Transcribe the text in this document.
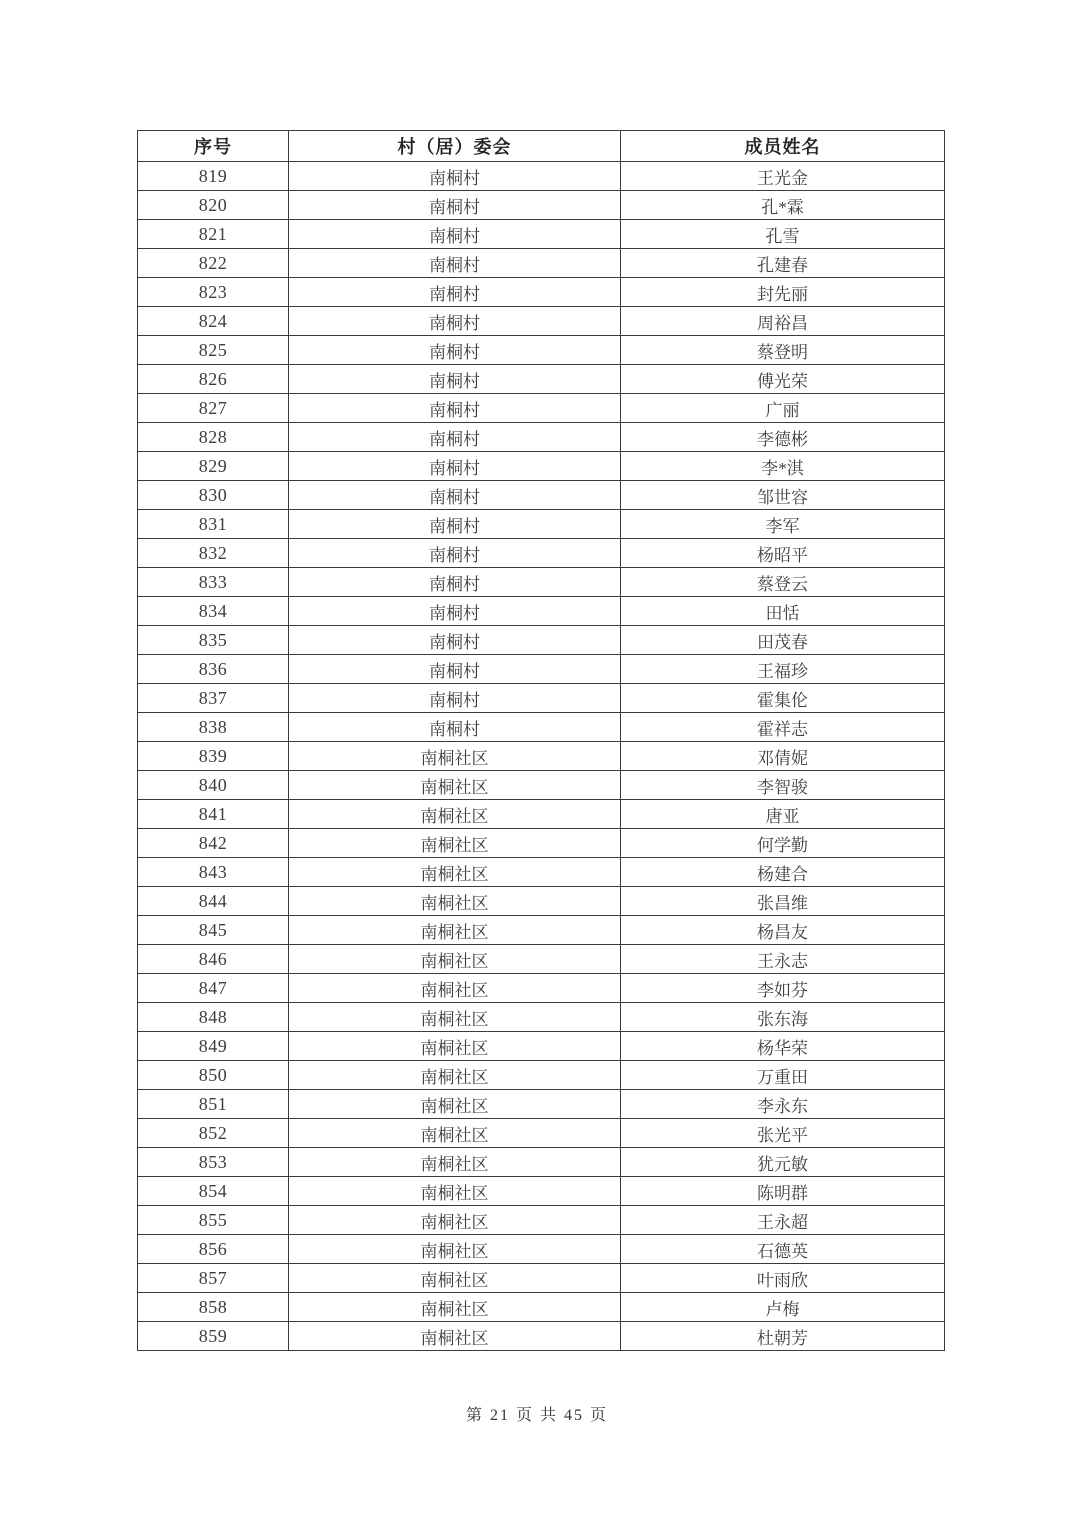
序号	村（居）委会	成员姓名
819	南桐村	王光金
820	南桐村	孔*霖
821	南桐村	孔雪
822	南桐村	孔建春
823	南桐村	封先丽
824	南桐村	周裕昌
825	南桐村	蔡登明
826	南桐村	傅光荣
827	南桐村	广丽
828	南桐村	李德彬
829	南桐村	李*淇
830	南桐村	邹世容
831	南桐村	李军
832	南桐村	杨昭平
833	南桐村	蔡登云
834	南桐村	田恬
835	南桐村	田茂春
836	南桐村	王福珍
837	南桐村	霍集伦
838	南桐村	霍祥志
839	南桐社区	邓倩妮
840	南桐社区	李智骏
841	南桐社区	唐亚
842	南桐社区	何学勤
843	南桐社区	杨建合
844	南桐社区	张昌维
845	南桐社区	杨昌友
846	南桐社区	王永志
847	南桐社区	李如芬
848	南桐社区	张东海
849	南桐社区	杨华荣
850	南桐社区	万重田
851	南桐社区	李永东
852	南桐社区	张光平
853	南桐社区	犹元敏
854	南桐社区	陈明群
855	南桐社区	王永超
856	南桐社区	石德英
857	南桐社区	叶雨欣
858	南桐社区	卢梅
859	南桐社区	杜朝芳
第 21 页 共 45 页
